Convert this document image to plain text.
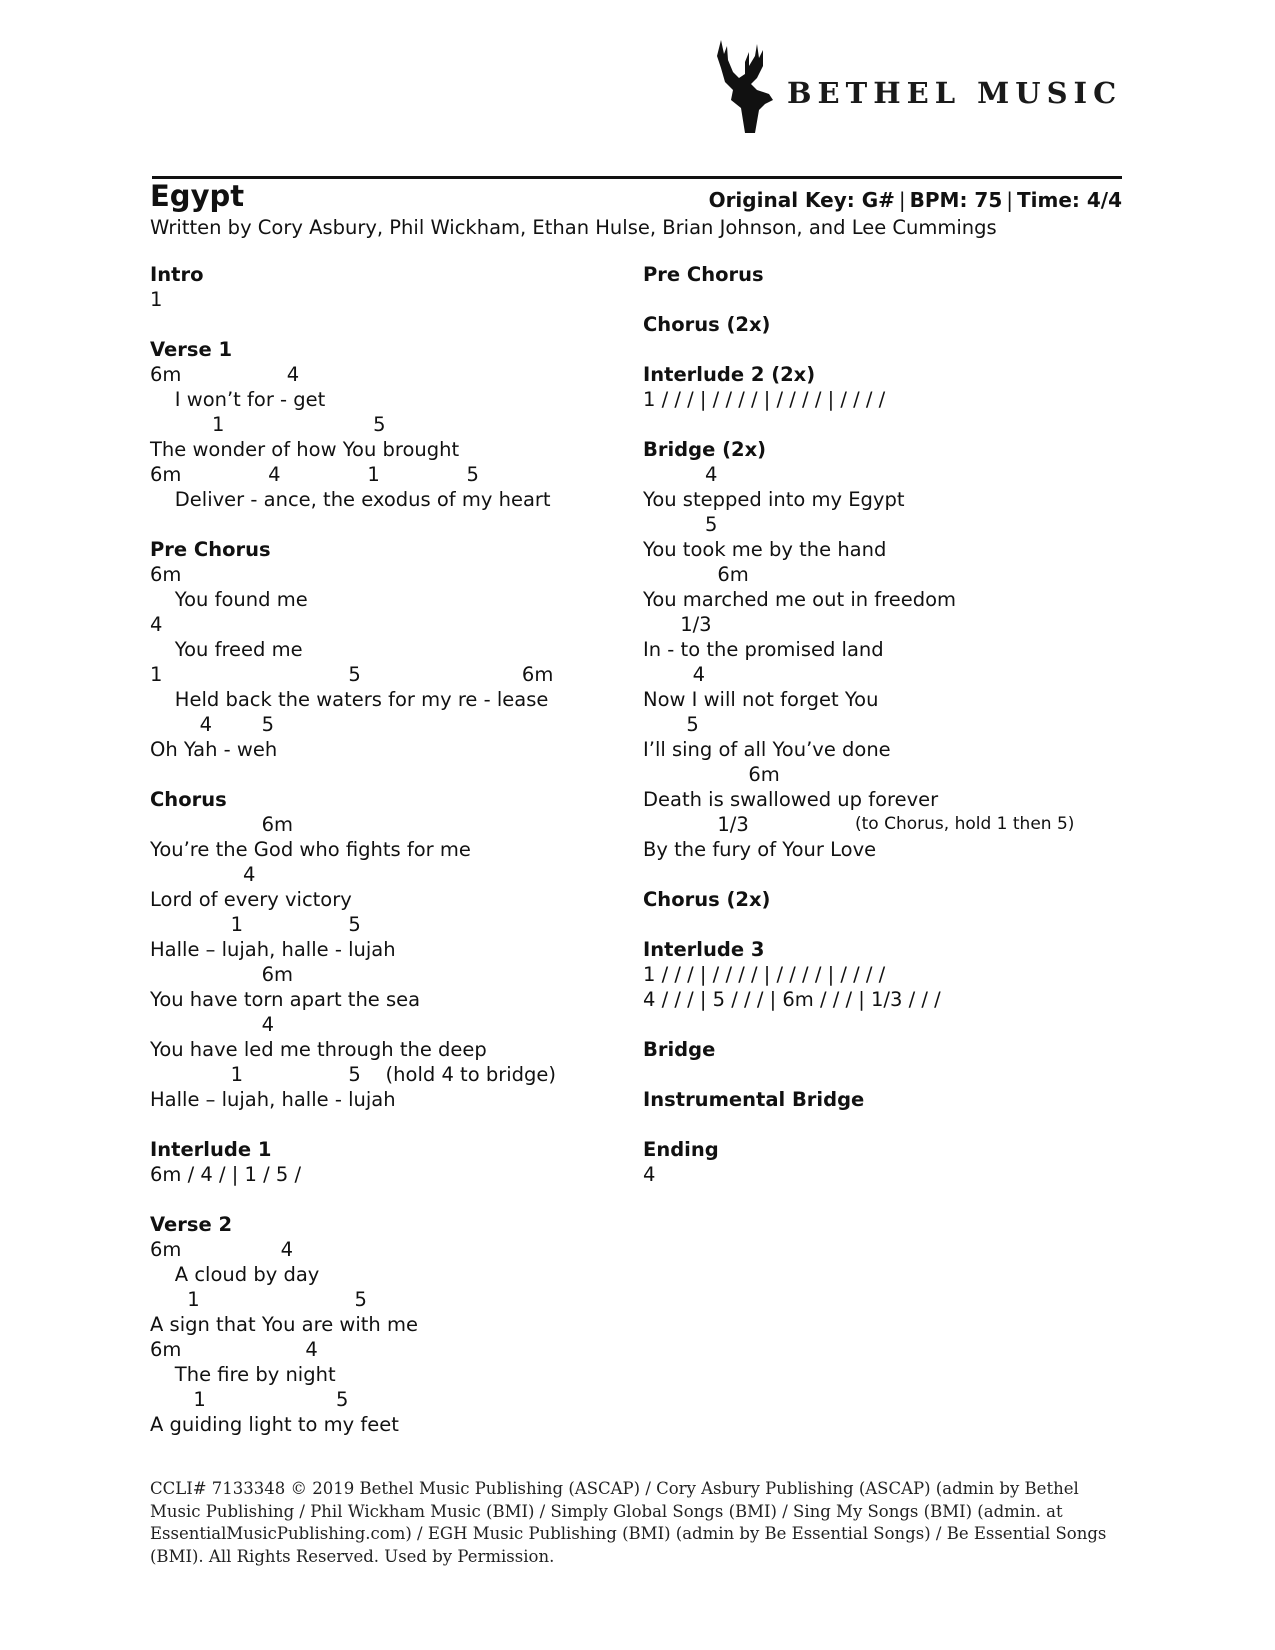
BETHEL MUSIC
Egypt	Original Key: G# | BPM: 75 | Time: 4/4
Written by Cory Asbury, Phil Wickham, Ethan Hulse, Brian Johnson, and Lee Cummings
Intro
1
Verse 1
6m                 4
I won’t for - get
1                        5
The wonder of how You brought
6m              4              1              5
Deliver - ance, the exodus of my heart
Pre Chorus
6m
You found me
4
You freed me
1                              5                          6m
Held back the waters for my re - lease
4        5
Oh Yah - weh
Chorus
6m
You’re the God who fights for me
4
Lord of every victory
1                 5
Halle – lujah, halle - lujah
6m
You have torn apart the sea
4
You have led me through the deep
1                 5    (hold 4 to bridge)
Halle – lujah, halle - lujah
Interlude 1
6m / 4 / | 1 / 5 /
Verse 2
6m                4
A cloud by day
1                         5
A sign that You are with me
6m                    4
The fire by night
1                     5
A guiding light to my feet
Pre Chorus
Chorus (2x)
Interlude 2 (2x)
1 / / / | / / / / | / / / / | / / / /
Bridge (2x)
4
You stepped into my Egypt
5
You took me by the hand
6m
You marched me out in freedom
1/3
In - to the promised land
4
Now I will not forget You
5
I’ll sing of all You’ve done
6m
Death is swallowed up forever
1/3	(to Chorus, hold 1 then 5)
By the fury of Your Love
Chorus (2x)
Interlude 3
1 / / / | / / / / | / / / / | / / / /
4 / / / | 5 / / / | 6m / / / | 1/3 / / /
Bridge
Instrumental Bridge
Ending
4
CCLI# 7133348 © 2019 Bethel Music Publishing (ASCAP) / Cory Asbury Publishing (ASCAP) (admin by Bethel Music Publishing / Phil Wickham Music (BMI) / Simply Global Songs (BMI) / Sing My Songs (BMI) (admin. at EssentialMusicPublishing.com) / EGH Music Publishing (BMI) (admin by Be Essential Songs) / Be Essential Songs (BMI). All Rights Reserved. Used by Permission.
